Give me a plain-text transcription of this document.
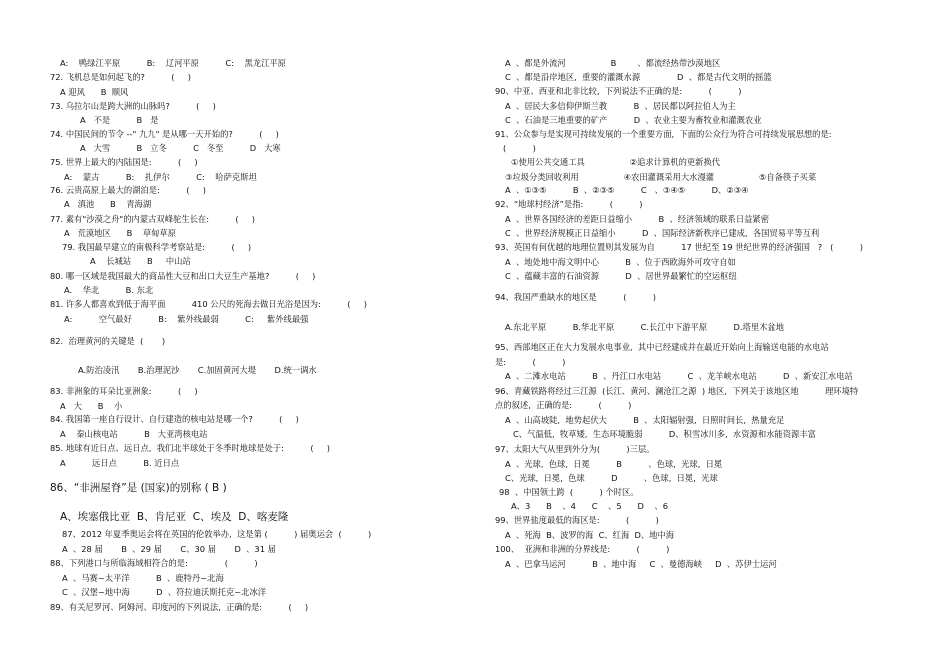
A:    鸭绿江平原          B:    辽河平原          C:    黑龙江平原
72. 飞机总是如何起飞的?          (     )
A 迎风      B  顺风
73. 乌拉尔山是跨大洲的山脉吗?          (     )
A   不是          B   是
74. 中国民间的节令 --" 九九" 是从哪一天开始的?          (     )
A   大雪          B   立冬          C   冬至          D   大寒
75. 世界上最大的内陆国是:          (     )
A:    蒙古          B:    扎伊尔          C:    哈萨克斯坦
76. 云贵高原上最大的湖泊是:          (     )
A   滇池      B    青海湖
77. 素有"沙漠之舟"的内蒙古双峰驼生长在:          (     )
A   荒漠地区      B    草甸草原
79. 我国最早建立的南极科学考察站是:          (     )
A    长城站      B     中山站
80. 哪一区域是我国最大的商品性大豆和出口大豆生产基地?          (     )
A.    华北          B. 东北
81. 许多人都喜欢到低于海平面          410 公尺的死海去做日光浴是因为:          (     )
A:          空气最好          B:    紫外线最弱          C:     紫外线最强
82.  治理黄河的关键是  (       )
A.防治凌汛       B.治理泥沙       C.加固黄河大堤       D.统一调水
83. 非洲象的耳朵比亚洲象:          (     )
A   大      B    小
84. 我国第一座自行设计、自行建造的核电站是哪一个?          (     )
A    秦山核电站          B   大亚湾核电站
85. 地球有近日点、远日点,  我们北半球处于冬季时地球是处于:          (     )
A          远日点          B. 近日点
86、“非洲屋脊”是 (国家)的别称 ( B )
A、埃塞俄比亚  B、肯尼亚  C、埃及  D、喀麦隆
87、2012 年夏季奥运会将在英国的伦敦举办,  这是第 (          ) 届奥运会  (          )
A  、28 届       B  、29 届       C、30 届       D  、31 届
88、下列港口与所临海域相符合的是:              (          )
A  、马赛~太平洋          B  、鹿特丹~北海
C  、汉堡~地中海          D  、符拉迪沃斯托克~北冰洋
89、有关尼罗河、阿姆河、印度河的下列说法,  正确的是:          (     )
A  、都是外流河                 B        、都流经热带沙漠地区
C  、都是沿岸地区,  重要的灌溉水源              D  、都是古代文明的摇篮
90、中亚、西亚和北非比较,  下列说法不正确的是:          (          )
A  、居民大多信仰伊斯兰教          B  、居民都以阿拉伯人为主
C  、石油是三地重要的矿产          D  、农业主要为畜牧业和灌溉农业
91、公众参与是实现可持续发展的一个重要方面,  下面的公众行为符合可持续发展思想的是:
(          )
①使用公共交通工具                 ②追求计算机的更新换代
③垃圾分类回收利用                 ④农田灌溉采用大水漫灌                 ⑤自备筷子买菜
A  、①③⑤          B  、②③⑤          C   、③④⑤          D、②③④
92、“地球村经济”是指:          (          )
A  、世界各国经济的差距日益缩小          B  、经济领域的联系日益紧密
C  、世界经济规模正日益缩小          D  、国际经济新秩序已建成,  各国贸易平等互利
93、英国有何优越的地理位置则其发展为自          17 世纪至 19 世纪世界的经济强国   ?   (          )
A  、地处地中海文明中心          B  、位于西欧海外可攻守自如
C  、蕴藏丰富的石油资源          D  、居世界最繁忙的空运枢纽
94、我国严重缺水的地区是          (          )
A.东北平原          B.华北平原          C.长江中下游平原          D.塔里木盆地
95、西部地区正在大力发展水电事业,  其中已经建成并在最近开始向上海输送电能的水电站
是:          (          )
A  、二滩水电站          B  、丹江口水电站          C  、龙羊峡水电站          D  、新安江水电站
96、青藏铁路将经过三江源  (长江、黄河、澜沧江之源  ) 地区,  下列关于该地区地          理环境特
点的叙述,  正确的是:          (          )
A  、山高坡陡,  地势起伏大          B  、太阳辐射强,  日照时间长,  热量充足
C、气温低,  牧草矮,  生态环境脆弱          D、积雪冰川多,  水资源和水能资源丰富
97、太阳大气从里到外分为(          )三层。
A  、光球,  色球,  日冕          B          、色球,  光球,  日冕
C、光球,  日冕,  色球          D          、色球,  日冕,  光球
98  、中国领土跨  (          ) 个时区。
A、3      B    、4      C    、5      D    、6
99、世界盐度最低的海区是:          (          )
A  、死海  B、波罗的海  C、红海  D、地中海
100、  亚洲和非洲的分界线是:          (          )
A  、巴拿马运河          B  、地中海     C  、曼德海峡     D  、苏伊士运河
